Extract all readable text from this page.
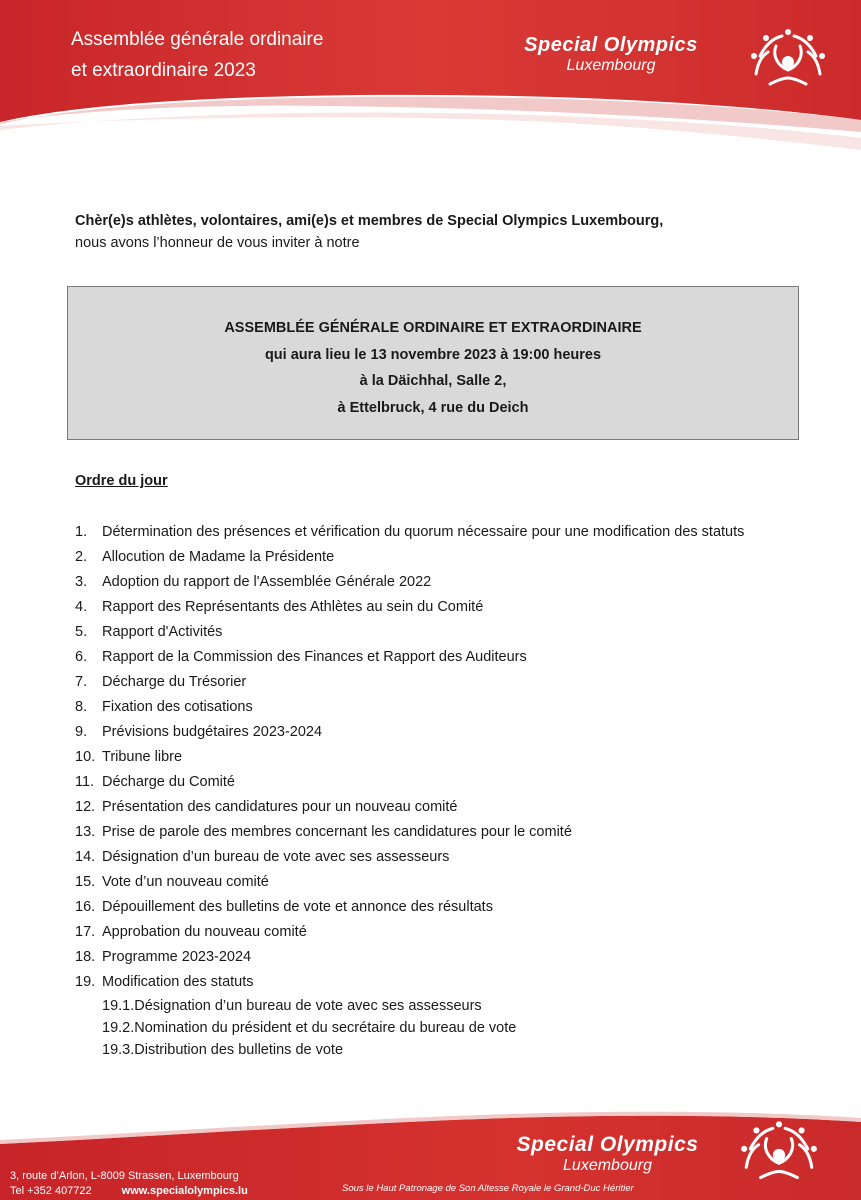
Assemblée générale ordinaire
et extraordinaire 2023
Special Olympics
Luxembourg
Chèr(e)s athlètes, volontaires, ami(e)s et membres de Special Olympics Luxembourg,
nous avons l’honneur de vous inviter à notre
ASSEMBLÉE GÉNÉRALE ORDINAIRE ET EXTRAORDINAIRE
qui aura lieu le 13 novembre 2023 à 19:00 heures
à la Däichhal, Salle 2,
à Ettelbruck, 4 rue du Deich
Ordre du jour
1. Détermination des présences et vérification du quorum nécessaire pour une modification des statuts
2. Allocution de Madame la Présidente
3. Adoption du rapport de l'Assemblée Générale 2022
4. Rapport des Représentants des Athlètes au sein du Comité
5. Rapport d'Activités
6. Rapport de la Commission des Finances et Rapport des Auditeurs
7. Décharge du Trésorier
8. Fixation des cotisations
9. Prévisions budgétaires 2023-2024
10. Tribune libre
11. Décharge du Comité
12. Présentation des candidatures pour un nouveau comité
13. Prise de parole des membres concernant les candidatures pour le comité
14. Désignation d’un bureau de vote avec ses assesseurs
15. Vote d’un nouveau comité
16. Dépouillement des bulletins de vote et annonce des résultats
17. Approbation du nouveau comité
18. Programme 2023-2024
19. Modification des statuts
19.1.Désignation d’un bureau de vote avec ses assesseurs
19.2.Nomination du président et du secrétaire du bureau de vote
19.3.Distribution des bulletins de vote
3, route d’Arlon, L-8009 Strassen, Luxembourg
Tel +352 407722	www.specialolympics.lu
Special Olympics
Luxembourg
Sous le Haut Patronage de Son Altesse Royale le Grand-Duc Héritier
